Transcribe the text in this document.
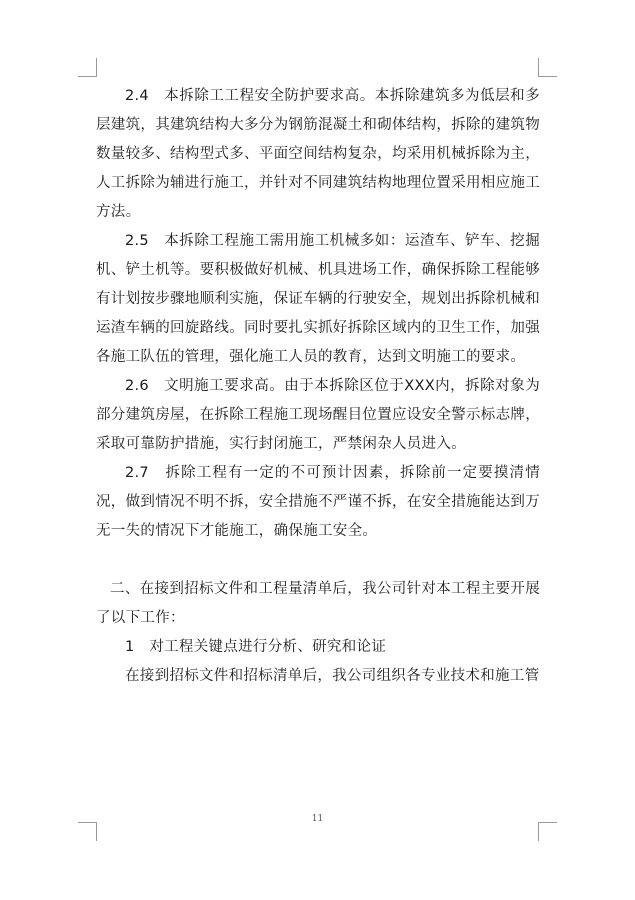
2.4　本拆除工工程安全防护要求高。本拆除建筑多为低层和多层建筑，其建筑结构大多分为钢筋混凝土和砌体结构，拆除的建筑物数量较多、结构型式多、平面空间结构复杂，均采用机械拆除为主，人工拆除为辅进行施工，并针对不同建筑结构地理位置采用相应施工方法。

2.5　本拆除工程施工需用施工机械多如：运渣车、铲车、挖掘机、铲土机等。要积极做好机械、机具进场工作，确保拆除工程能够有计划按步骤地顺利实施，保证车辆的行驶安全，规划出拆除机械和运渣车辆的回旋路线。同时要扎实抓好拆除区域内的卫生工作，加强各施工队伍的管理，强化施工人员的教育，达到文明施工的要求。

2.6　文明施工要求高。由于本拆除区位于XXX内，拆除对象为部分建筑房屋，在拆除工程施工现场醒目位置应设安全警示标志牌，采取可靠防护措施，实行封闭施工，严禁闲杂人员进入。

2.7　拆除工程有一定的不可预计因素，拆除前一定要摸清情况，做到情况不明不拆，安全措施不严谨不拆，在安全措施能达到万无一失的情况下才能施工，确保施工安全。

二、在接到招标文件和工程量清单后，我公司针对本工程主要开展了以下工作：

1　对工程关键点进行分析、研究和论证

在接到招标文件和招标清单后，我公司组织各专业技术和施工管

11
